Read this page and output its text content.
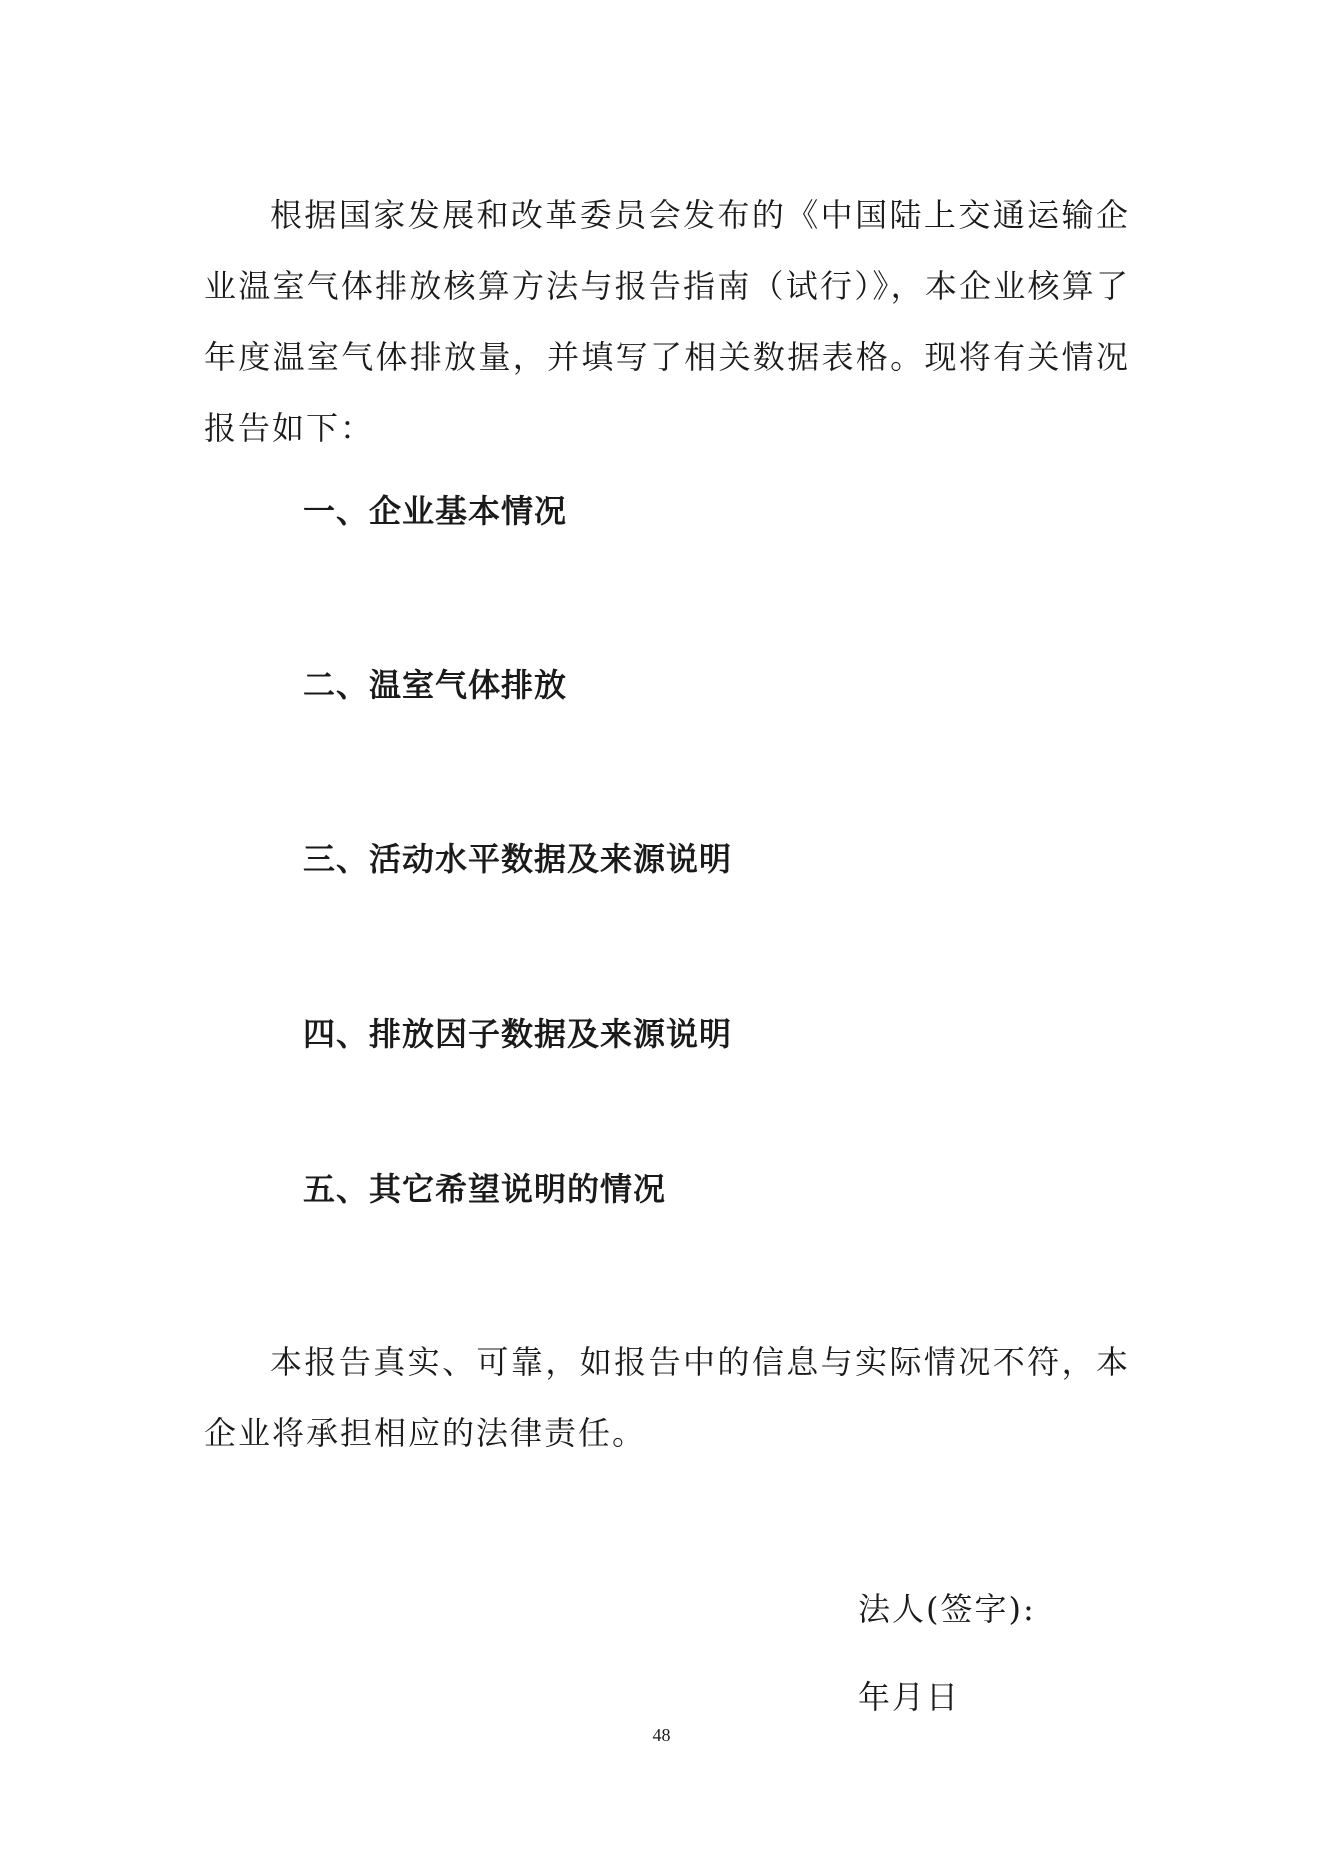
根据国家发展和改革委员会发布的《中国陆上交通运输企业温室气体排放核算方法与报告指南（试行）》，本企业核算了年度温室气体排放量，并填写了相关数据表格。现将有关情况报告如下：

一、企业基本情况
二、温室气体排放
三、活动水平数据及来源说明
四、排放因子数据及来源说明
五、其它希望说明的情况

本报告真实、可靠，如报告中的信息与实际情况不符，本企业将承担相应的法律责任。

法人(签字):

年月日

48
